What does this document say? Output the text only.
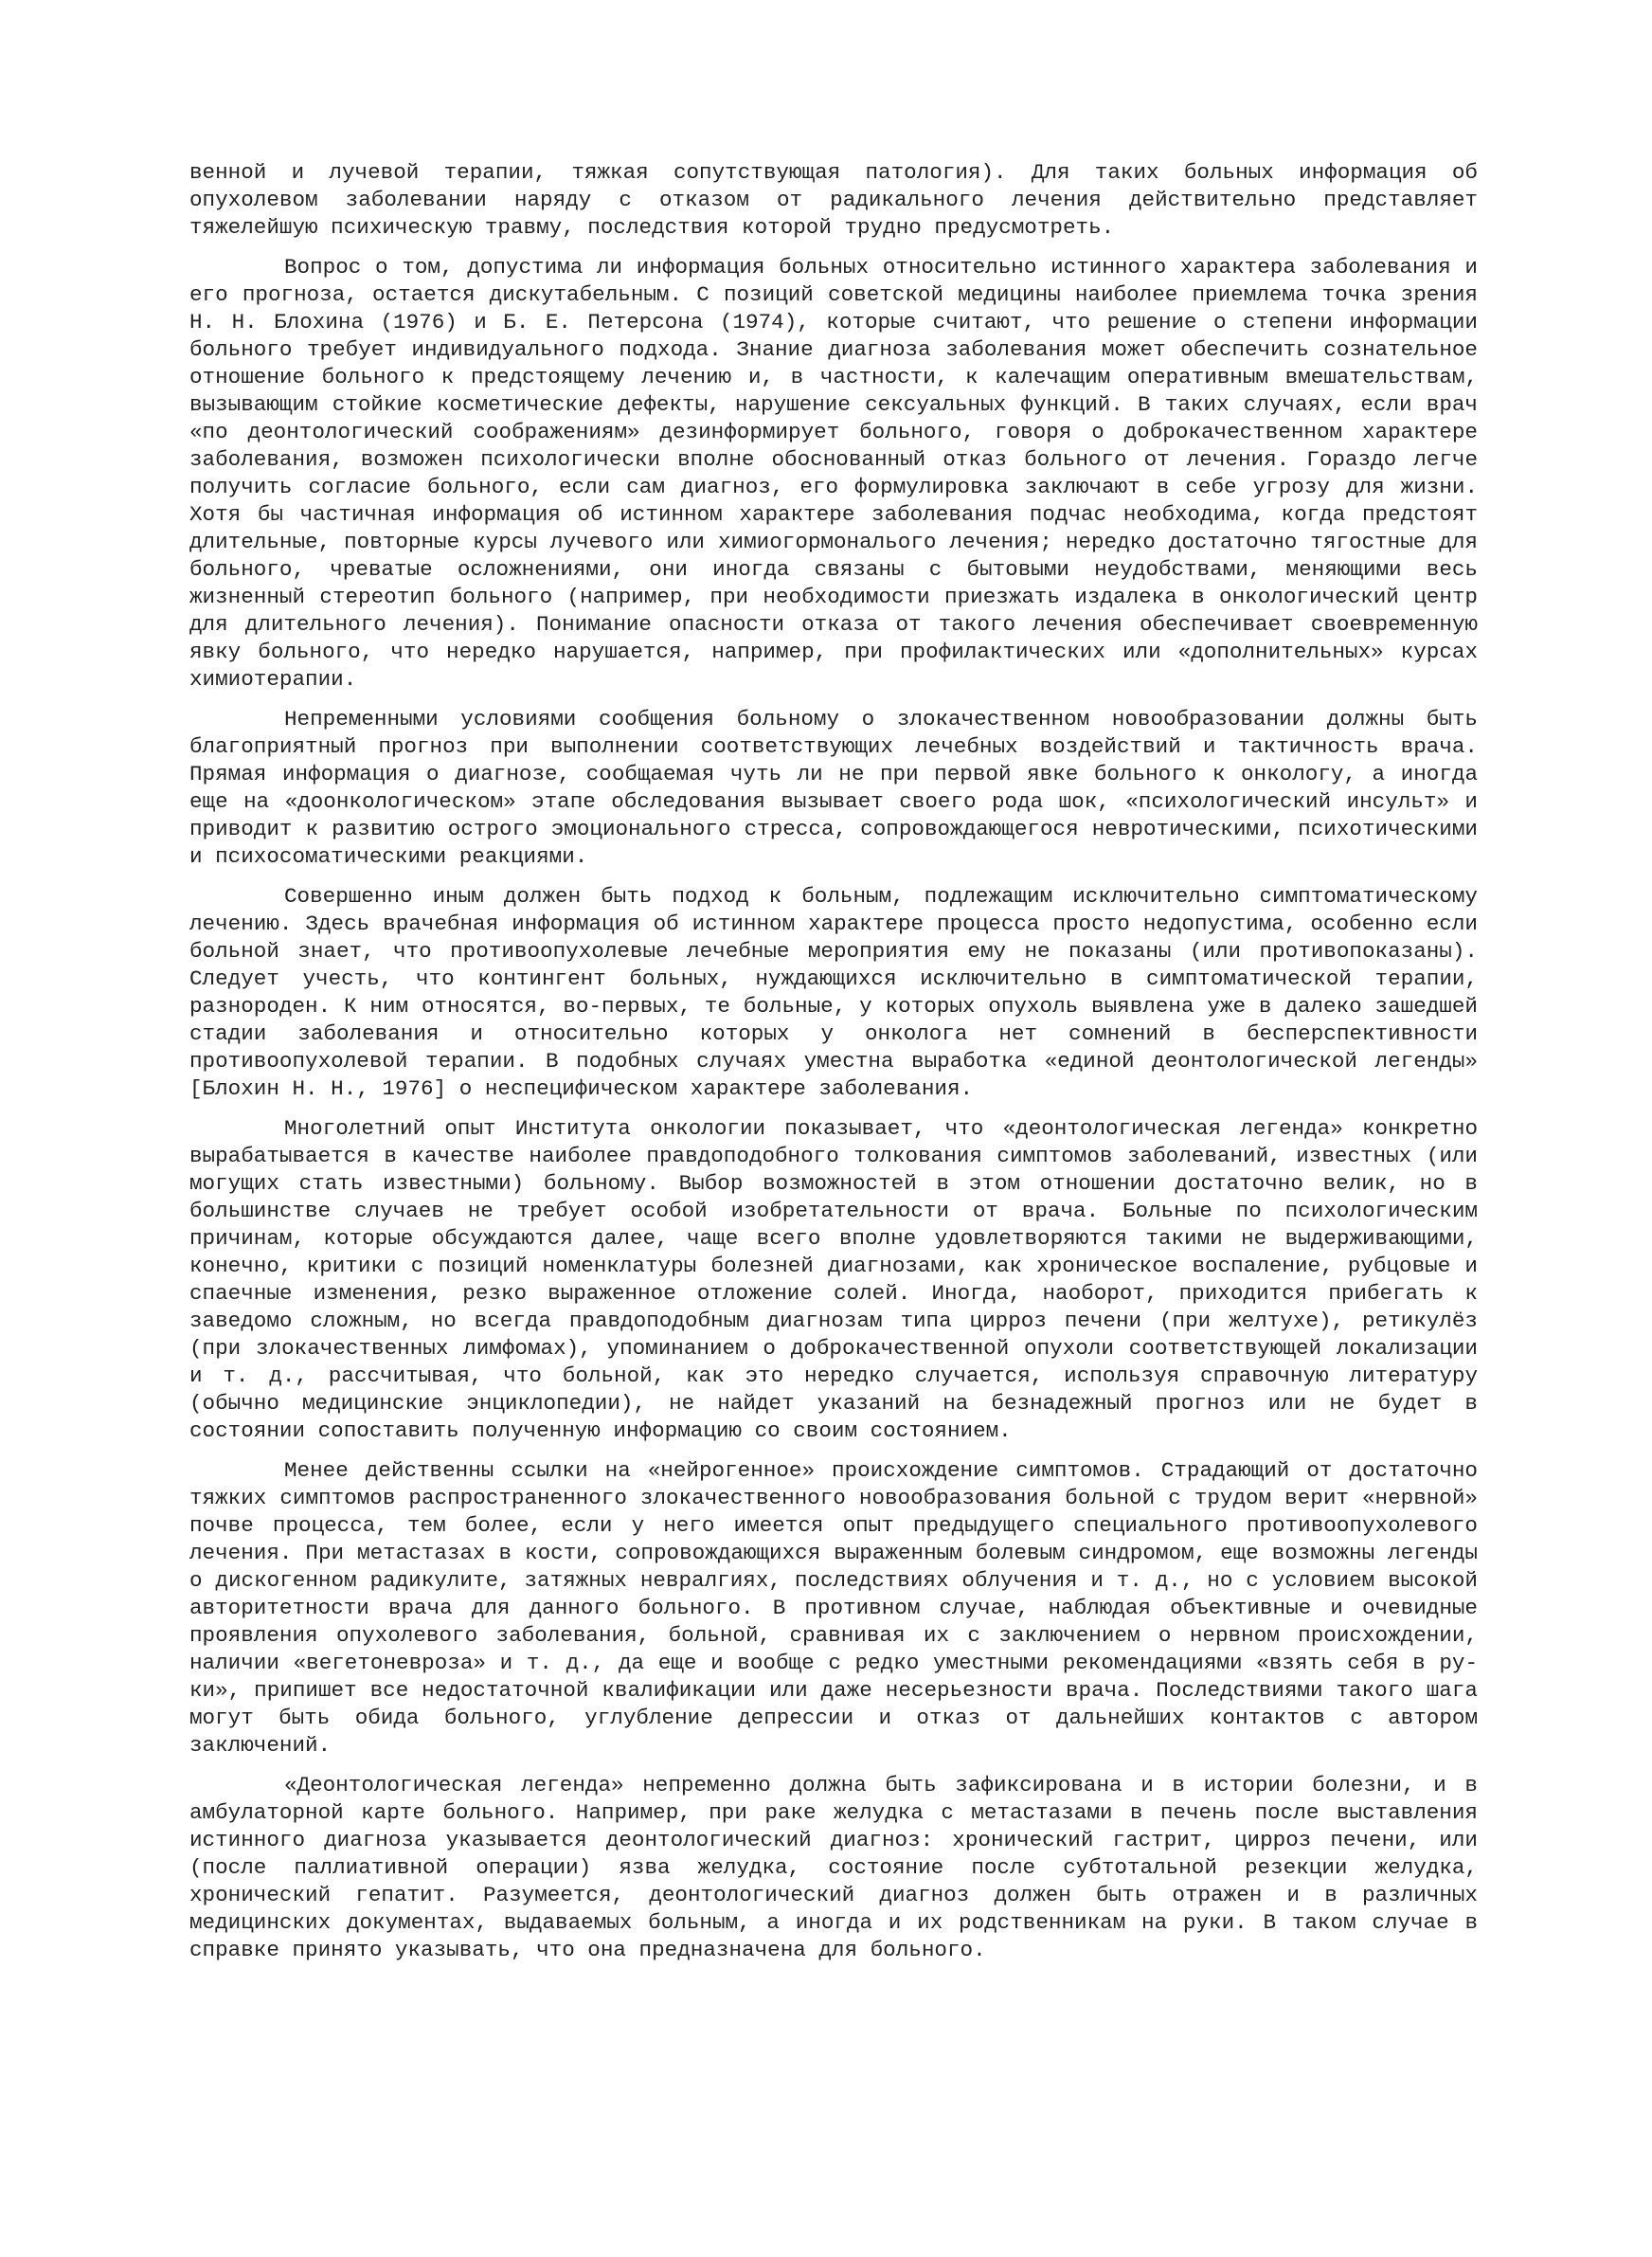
венной и лучевой терапии, тяжкая сопутствующая патология). Для таких больных информация об опухолевом заболевании наряду с отказом от радикального лечения действительно представляет тяжелейшую психическую травму, последствия которой трудно предусмотреть.

Вопрос о том, допустима ли информация больных относительно истинного характера заболевания и его прогноза, остается дискутабельным. С позиций советской медицины наиболее приемлема точка зрения Н. Н. Блохина (1976) и Б. Е. Петерсона (1974), которые считают, что решение о степени информации больного требует индивидуального подхода. Знание диагноза заболевания может обеспечить сознательное отношение больного к предстоящему лечению и, в частности, к калечащим оперативным вмешательствам, вызывающим стойкие косметические дефекты, нарушение сексуальных функций. В таких случаях, если врач «по деонтологический соображениям» дезинформирует больного, говоря о доброкачественном характере заболевания, возможен психологически вполне обоснованный отказ больного от лечения. Гораздо легче получить согласие больного, если сам диагноз, его формулировка заключают в себе угрозу для жизни. Хотя бы частичная информация об истинном характере заболевания подчас необходима, когда предстоят длительные, повторные курсы лучевого или химиогормональого лечения; нередко достаточно тягостные для больного, чреватые осложнениями, они иногда связаны с бытовыми неудобствами, меняющими весь жизненный стереотип больного (например, при необходимости приезжать издалека в онкологический центр для длительного лечения). Понимание опасности отказа от такого лечения обеспечивает своевременную явку больного, что нередко нарушается, например, при профилактических или «дополнительных» курсах химиотерапии.

Непременными условиями сообщения больному о злокачественном новообразовании должны быть благоприятный прогноз при выполнении соответствующих лечебных воздействий и тактичность врача. Прямая информация о диагнозе, сообщаемая чуть ли не при первой явке больного к онкологу, а иногда еще на «доонкологическом» этапе обследования вызывает своего рода шок, «психологический инсульт» и приводит к развитию острого эмоционального стресса, сопровождающегося невротическими, психотическими и психосоматическими реакциями.

Совершенно иным должен быть подход к больным, подлежащим исключительно симптоматическому лечению. Здесь врачебная информация об истинном характере процесса просто недопустима, особенно если больной знает, что противоопухолевые лечебные мероприятия ему не показаны (или противопоказаны). Следует учесть, что контингент больных, нуждающихся исключительно в симптоматической терапии, разнороден. К ним относятся, во-первых, те больные, у которых опухоль выявлена уже в далеко зашедшей стадии заболевания и относительно которых у онколога нет сомнений в бесперспективности противоопухолевой терапии. В подобных случаях уместна выработка «единой деонтологической легенды» [Блохин Н. Н., 1976] о неспецифическом характере заболевания.

Многолетний опыт Института онкологии показывает, что «деонтологическая легенда» конкретно вырабатывается в качестве наиболее правдоподобного толкования симптомов заболеваний, известных (или могущих стать известными) больному. Выбор возможностей в этом отношении достаточно велик, но в большинстве случаев не требует особой изобретательности от врача. Больные по психологическим причинам, которые обсуждаются далее, чаще всего вполне удовлетворяются такими не выдерживающими, конечно, критики с позиций номенклатуры болезней диагнозами, как хроническое воспаление, рубцовые и спаечные изменения, резко выраженное отложение солей. Иногда, наоборот, приходится прибегать к заведомо сложным, но всегда правдоподобным диагнозам типа цирроз печени (при желтухе), ретикулёз (при злокачественных лимфомах), упоминанием о доброкачественной опухоли соответствующей локализации и т. д., рассчитывая, что больной, как это нередко случается, используя справочную литературу (обычно медицинские энциклопедии), не найдет указаний на безнадежный прогноз или не будет в состоянии сопоставить полученную информацию со своим состоянием.

Менее действенны ссылки на «нейрогенное» происхождение симптомов. Страдающий от достаточно тяжких симптомов распространенного злокачественного новообразования больной с трудом верит «нервной» почве процесса, тем более, если у него имеется опыт предыдущего специального противоопухолевого лечения. При метастазах в кости, сопровождающихся выраженным болевым синдромом, еще возможны легенды о дискогенном радикулите, затяжных невралгиях, последствиях облучения и т. д., но с условием высокой авторитетности врача для данного больного. В противном случае, наблюдая объективные и очевидные проявления опухолевого заболевания, больной, сравнивая их с заключением о нервном происхождении, наличии «вегетоневроза» и т. д., да еще и вообще с редко уместными рекомендациями «взять себя в руки», припишет все недостаточной квалификации или даже несерьезности врача. Последствиями такого шага могут быть обида больного, углубление депрессии и отказ от дальнейших контактов с автором заключений.

«Деонтологическая легенда» непременно должна быть зафиксирована и в истории болезни, и в амбулаторной карте больного. Например, при раке желудка с метастазами в печень после выставления истинного диагноза указывается деонтологический диагноз: хронический гастрит, цирроз печени, или (после паллиативной операции) язва желудка, состояние после субтотальной резекции желудка, хронический гепатит. Разумеется, деонтологический диагноз должен быть отражен и в различных медицинских документах, выдаваемых больным, а иногда и их родственникам на руки. В таком случае в справке принято указывать, что она предназначена для больного.
